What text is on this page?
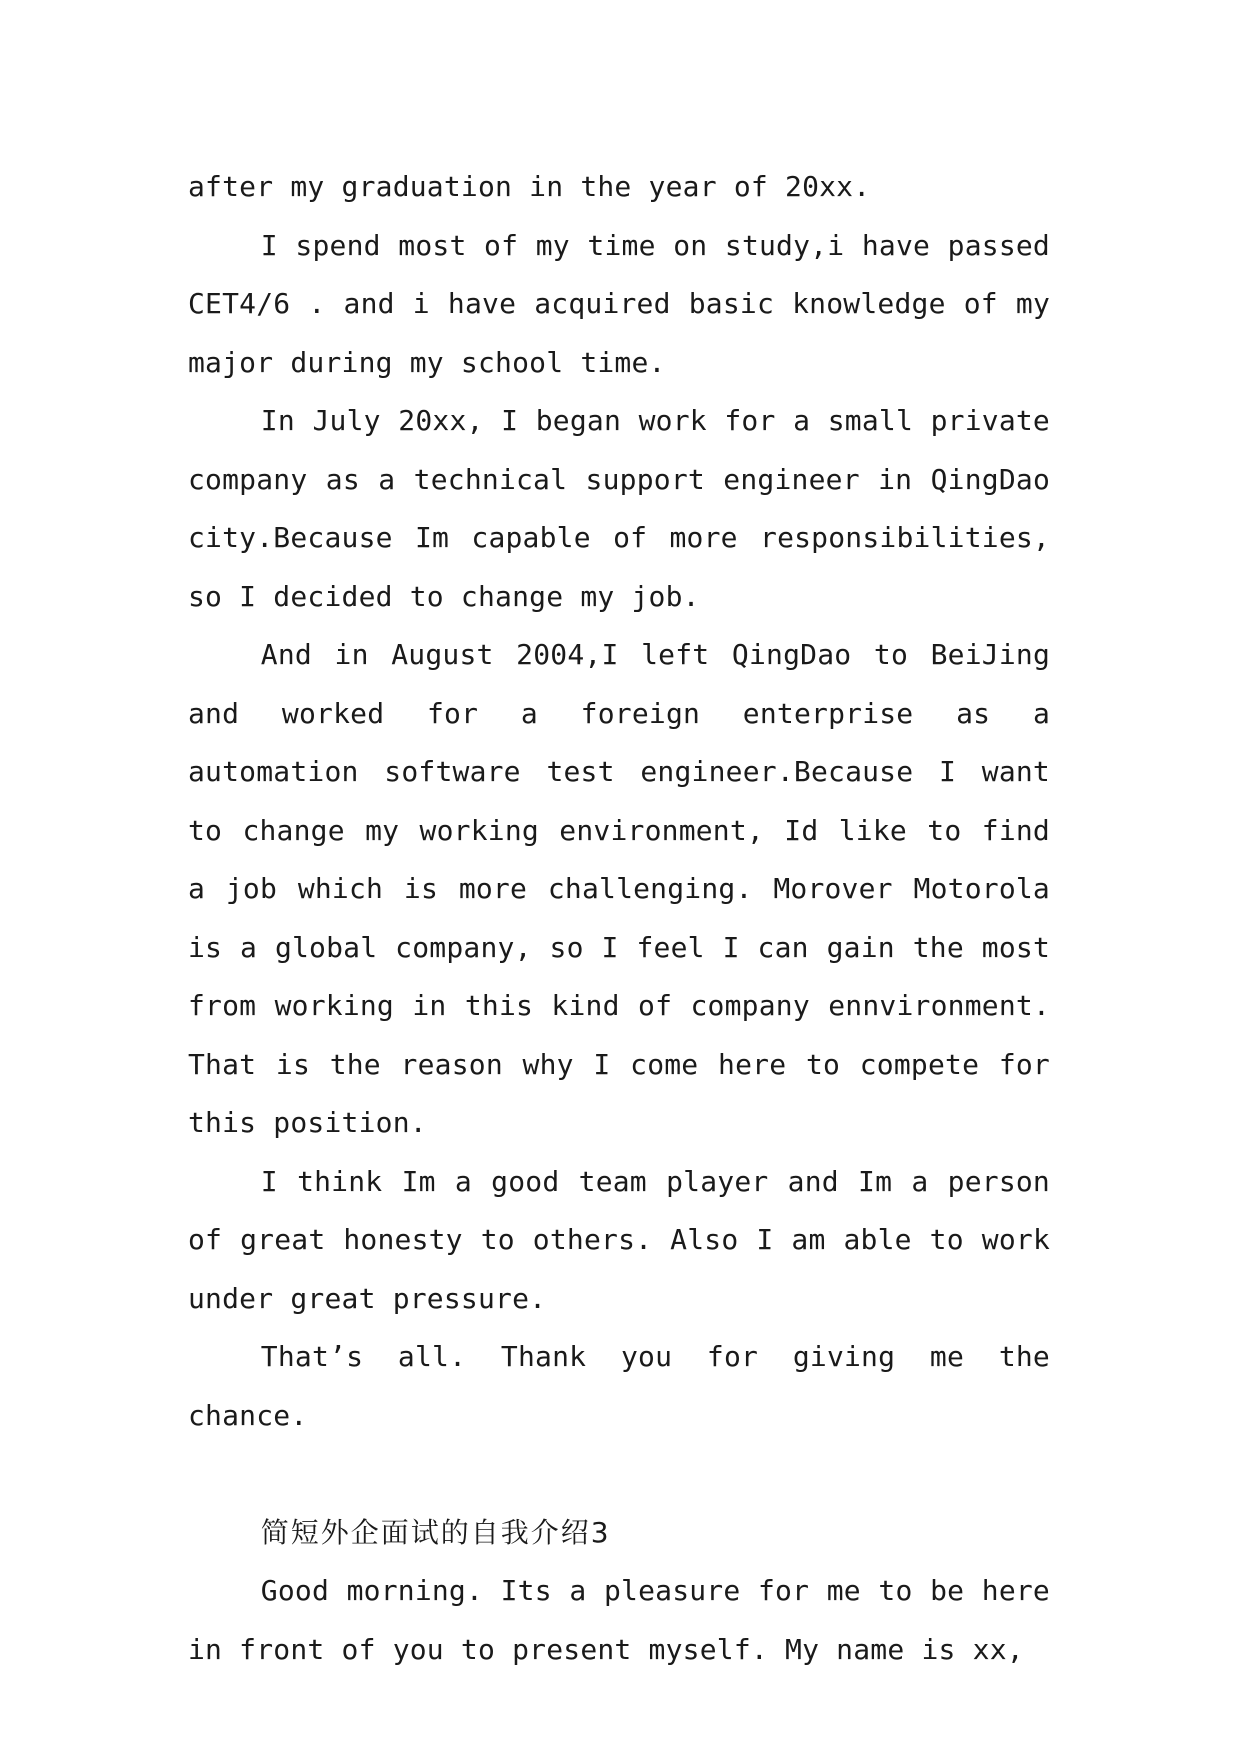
after my graduation in the year of 20xx.

I spend most of my time on study,i have passed CET4/6 . and i have acquired basic knowledge of my major during my school time.

In July 20xx, I began work for a small private company as a technical support engineer in QingDao city.Because Im capable of more responsibilities, so I decided to change my job.

And in August 2004,I left QingDao to BeiJing and worked for a foreign enterprise as a automation software test engineer.Because I want to change my working environment, Id like to find a job which is more challenging. Morover Motorola is a global company, so I feel I can gain the most from working in this kind of company ennvironment. That is the reason why I come here to compete for this position.

I think Im a good team player and Im a person of great honesty to others. Also I am able to work under great pressure.

That’s all. Thank you for giving me the chance.

简短外企面试的自我介绍3

Good morning. Its a pleasure for me to be here in front of you to present myself. My name is xx,
